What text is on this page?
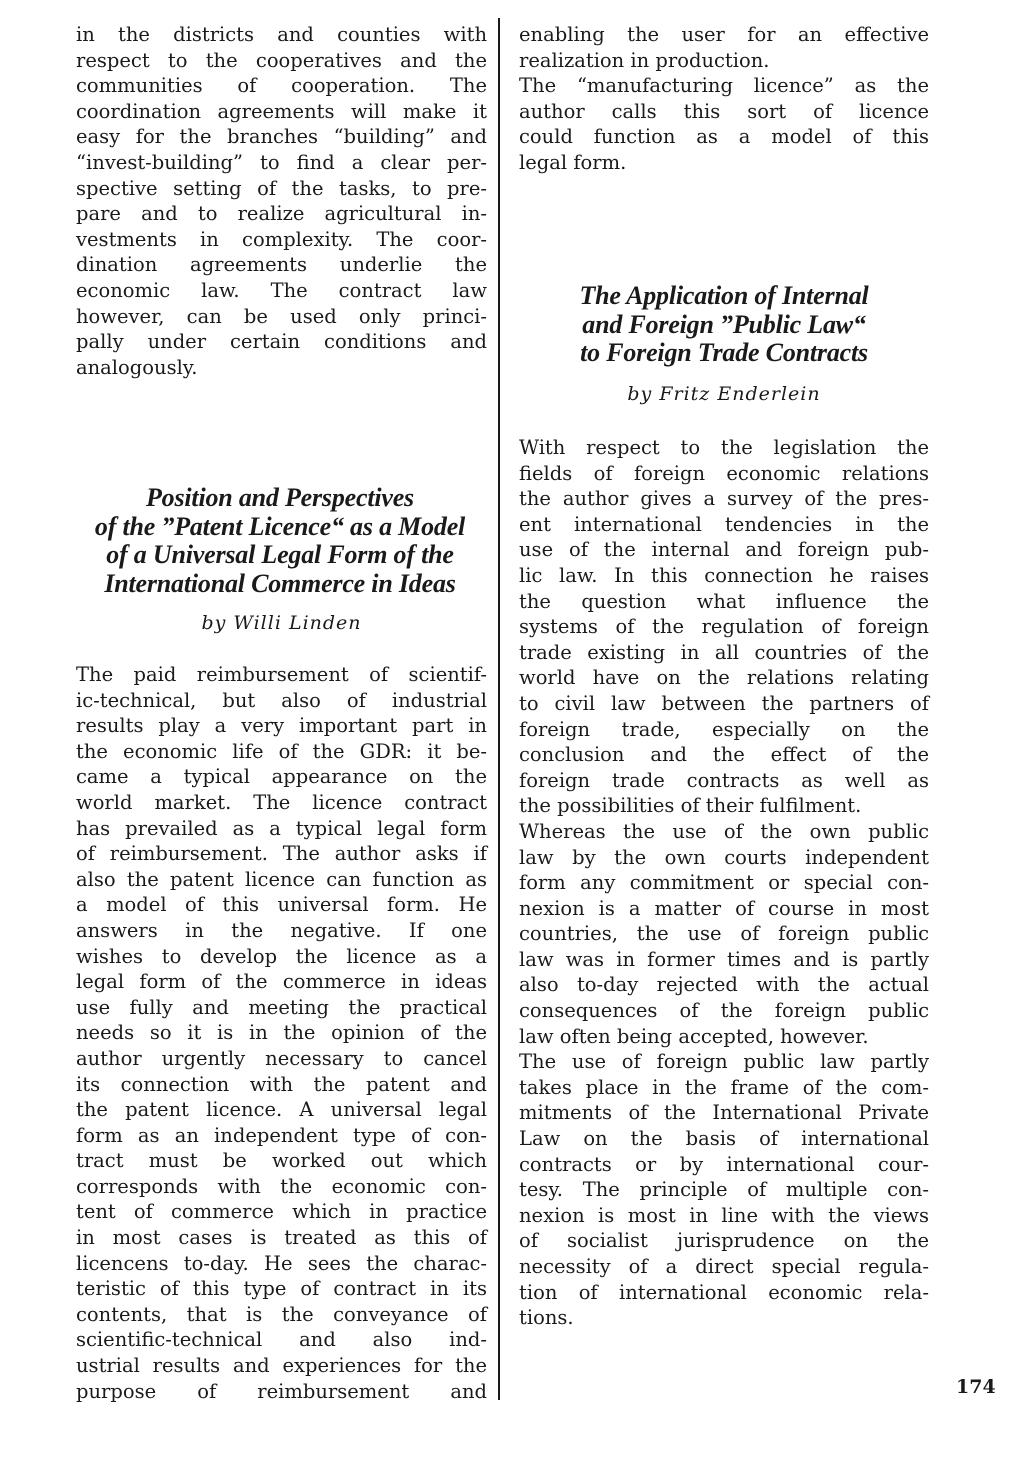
in the districts and counties with
respect to the cooperatives and the
communities of cooperation. The
coordination agreements will make it
easy for the branches “building” and
“invest-building” to find a clear per-
spective setting of the tasks, to pre-
pare and to realize agricultural in-
vestments in complexity. The coor-
dination agreements underlie the
economic law. The contract law
however, can be used only princi-
pally under certain conditions and
analogously.
enabling the user for an effective
realization in production.
The “manufacturing licence” as the
author calls this sort of licence
could function as a model of this
legal form.
Position and Perspectives
of the ”Patent Licence“ as a Model
of a Universal Legal Form of the
International Commerce in Ideas
by Willi Linden
The paid reimbursement of scientif-
ic-technical, but also of industrial
results play a very important part in
the economic life of the GDR: it be-
came a typical appearance on the
world market. The licence contract
has prevailed as a typical legal form
of reimbursement. The author asks if
also the patent licence can function as
a model of this universal form. He
answers in the negative. If one
wishes to develop the licence as a
legal form of the commerce in ideas
use fully and meeting the practical
needs so it is in the opinion of the
author urgently necessary to cancel
its connection with the patent and
the patent licence. A universal legal
form as an independent type of con-
tract must be worked out which
corresponds with the economic con-
tent of commerce which in practice
in most cases is treated as this of
licencens to-day. He sees the charac-
teristic of this type of contract in its
contents, that is the conveyance of
scientific-technical and also ind-
ustrial results and experiences for the
purpose of reimbursement and
The Application of Internal
and Foreign ”Public Law“
to Foreign Trade Contracts
by Fritz Enderlein
With respect to the legislation the
fields of foreign economic relations
the author gives a survey of the pres-
ent international tendencies in the
use of the internal and foreign pub-
lic law. In this connection he raises
the question what influence the
systems of the regulation of foreign
trade existing in all countries of the
world have on the relations relating
to civil law between the partners of
foreign trade, especially on the
conclusion and the effect of the
foreign trade contracts as well as
the possibilities of their fulfilment.
Whereas the use of the own public
law by the own courts independent
form any commitment or special con-
nexion is a matter of course in most
countries, the use of foreign public
law was in former times and is partly
also to-day rejected with the actual
consequences of the foreign public
law often being accepted, however.
The use of foreign public law partly
takes place in the frame of the com-
mitments of the International Private
Law on the basis of international
contracts or by international cour-
tesy. The principle of multiple con-
nexion is most in line with the views
of socialist jurisprudence on the
necessity of a direct special regula-
tion of international economic rela-
tions.
174
